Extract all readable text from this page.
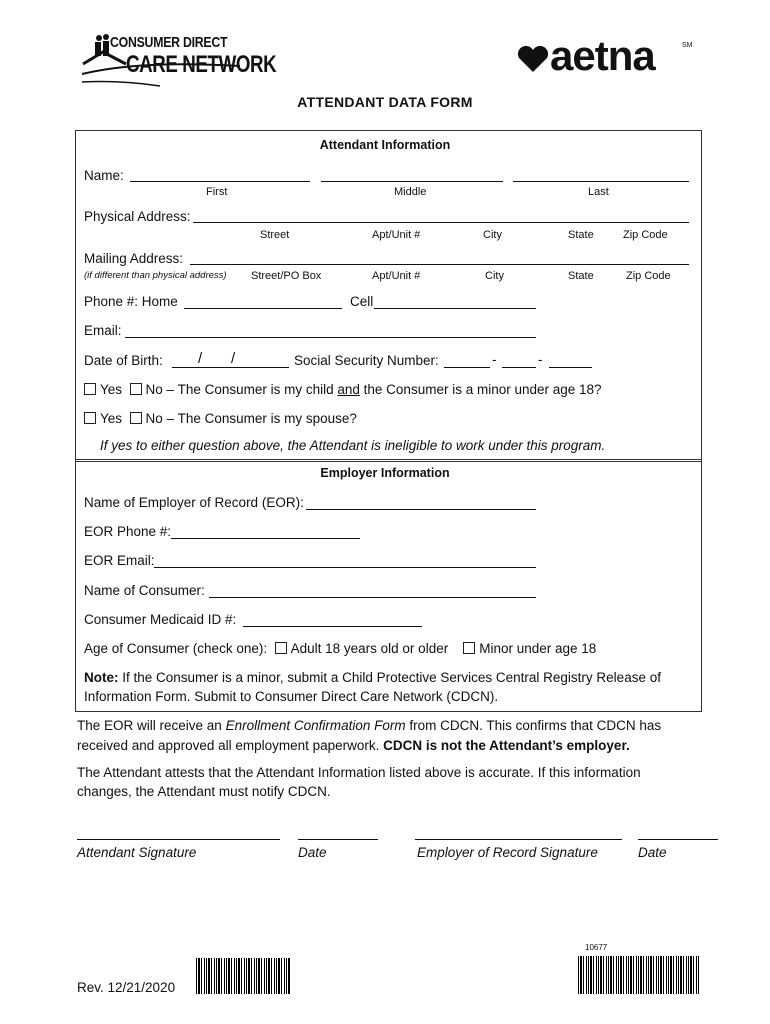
CONSUMER DIRECT
CARE NETWORK	aetna	SM
ATTENDANT DATA FORM
Attendant Information
Name:
First	Middle	Last
Physical Address:
Street	Apt/Unit #	City	State	Zip Code
Mailing Address:
(if different than physical address) Street/PO Box	Apt/Unit #	City	State	Zip Code
Phone #: Home	Cell
Email:
Date of Birth: / /	Social Security Number:	-	-
Yes No – The Consumer is my child and the Consumer is a minor under age 18?
Yes No – The Consumer is my spouse?
If yes to either question above, the Attendant is ineligible to work under this program.
Employer Information
Name of Employer of Record (EOR):
EOR Phone #:
EOR Email:
Name of Consumer:
Consumer Medicaid ID #:
Age of Consumer (check one): Adult 18 years old or older Minor under age 18
Note: If the Consumer is a minor, submit a Child Protective Services Central Registry Release of
Information Form. Submit to Consumer Direct Care Network (CDCN).
The EOR will receive an Enrollment Confirmation Form from CDCN. This confirms that CDCN has
received and approved all employment paperwork. CDCN is not the Attendant’s employer.
The Attendant attests that the Attendant Information listed above is accurate. If this information
changes, the Attendant must notify CDCN.
Attendant Signature	Date	Employer of Record Signature	Date
Rev. 12/21/2020
10677
